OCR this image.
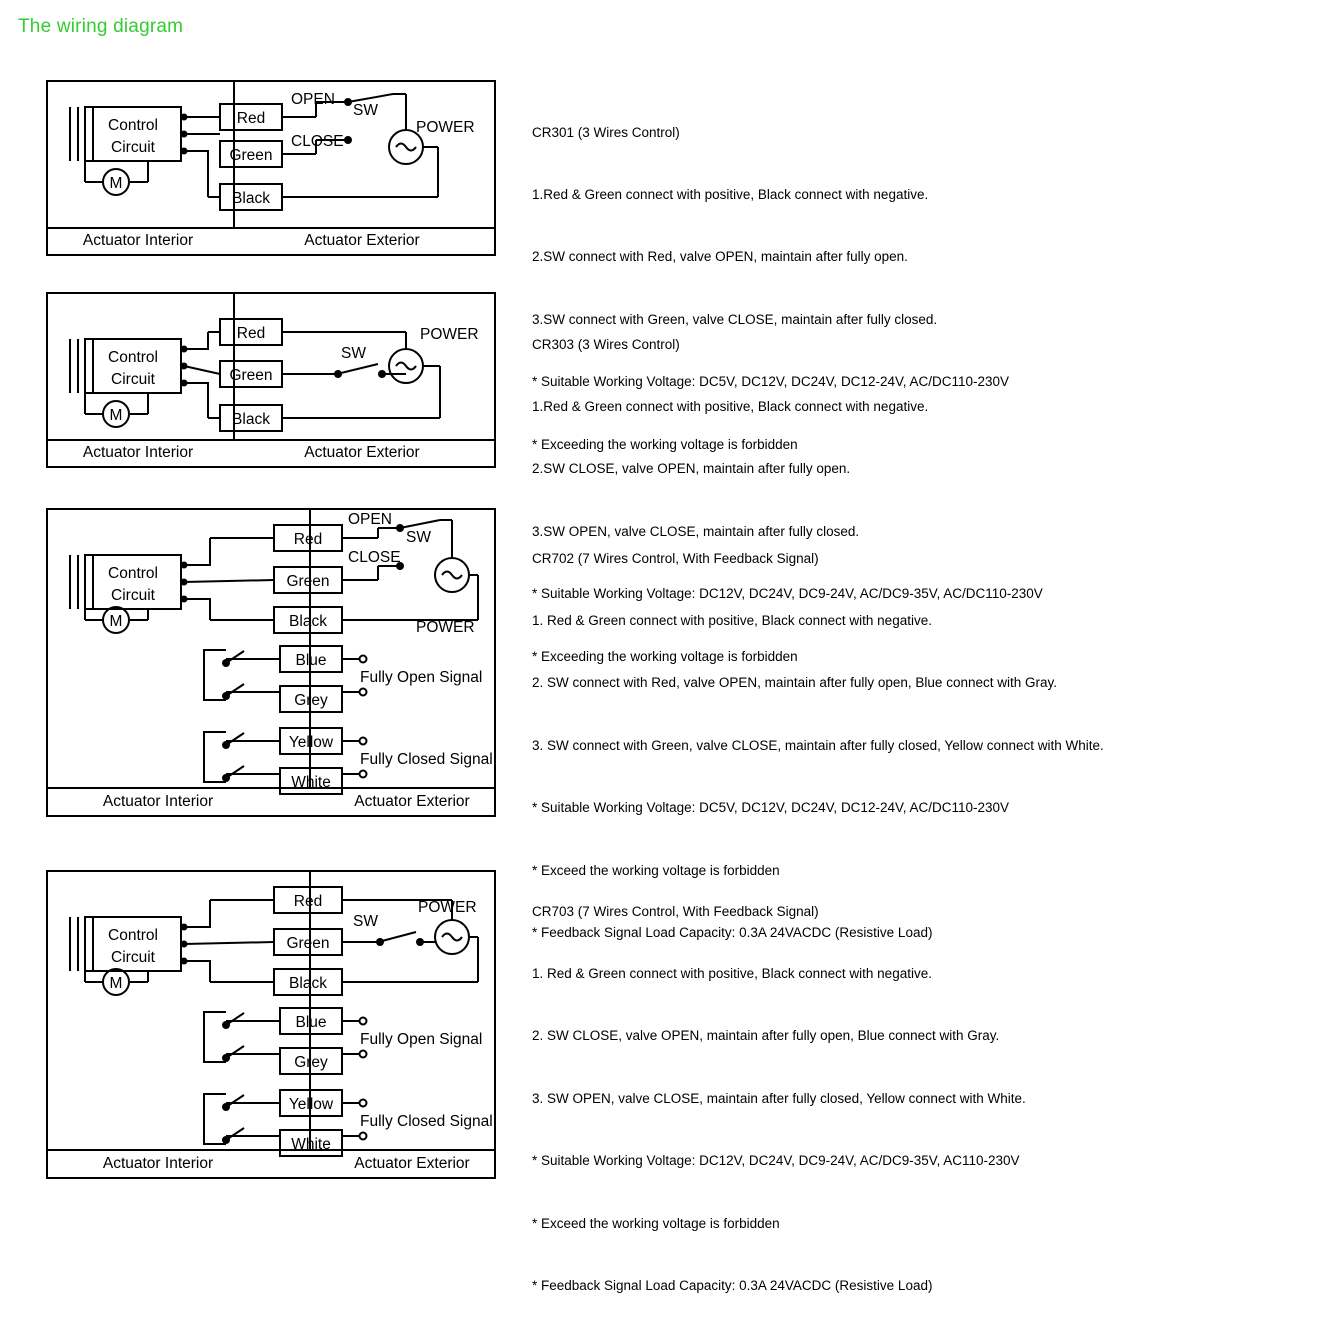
The wiring diagram
Red
Green
Black
Control
Circuit
M
OPEN
CLOSE
SW
POWER
Actuator Interior	Actuator Exterior

CR301 (3 Wires Control)

1.Red & Green connect with positive, Black connect with negative.

2.SW connect with Red, valve OPEN, maintain after fully open.

3.SW connect with Green, valve CLOSE, maintain after fully closed.

* Suitable Working Voltage: DC5V, DC12V, DC24V, DC12-24V, AC/DC110-230V

* Exceeding the working voltage is forbidden

Red
Green
Black
Control
Circuit
M
SW
POWER
Actuator Interior	Actuator Exterior

CR303 (3 Wires Control)

1.Red & Green connect with positive, Black connect with negative.

2.SW CLOSE, valve OPEN, maintain after fully open.

3.SW OPEN, valve CLOSE, maintain after fully closed.

* Suitable Working Voltage: DC12V, DC24V, DC9-24V, AC/DC9-35V, AC/DC110-230V

* Exceeding the working voltage is forbidden

Red
Green
Black
Blue
Grey
Yellow
White
Control
Circuit
M
OPEN
CLOSE
SW
POWER
Fully Open Signal
Fully Closed Signal
Actuator Interior	Actuator Exterior

CR702 (7 Wires Control, With Feedback Signal)

1. Red & Green connect with positive, Black connect with negative.

2. SW connect with Red, valve OPEN, maintain after fully open, Blue connect with Gray.

3. SW connect with Green, valve CLOSE, maintain after fully closed, Yellow connect with White.

* Suitable Working Voltage: DC5V, DC12V, DC24V, DC12-24V, AC/DC110-230V

* Exceed the working voltage is forbidden

* Feedback Signal Load Capacity: 0.3A 24VACDC (Resistive Load)

Red
Green
Black
Blue
Grey
Yellow
White
Control
Circuit
M
SW
POWER
Fully Open Signal
Fully Closed Signal
Actuator Interior	Actuator Exterior

CR703 (7 Wires Control, With Feedback Signal)

1. Red & Green connect with positive, Black connect with negative.

2. SW CLOSE, valve OPEN, maintain after fully open, Blue connect with Gray.

3. SW OPEN, valve CLOSE, maintain after fully closed, Yellow connect with White.

* Suitable Working Voltage: DC12V, DC24V, DC9-24V, AC/DC9-35V, AC110-230V

* Exceed the working voltage is forbidden

* Feedback Signal Load Capacity: 0.3A 24VACDC (Resistive Load)
